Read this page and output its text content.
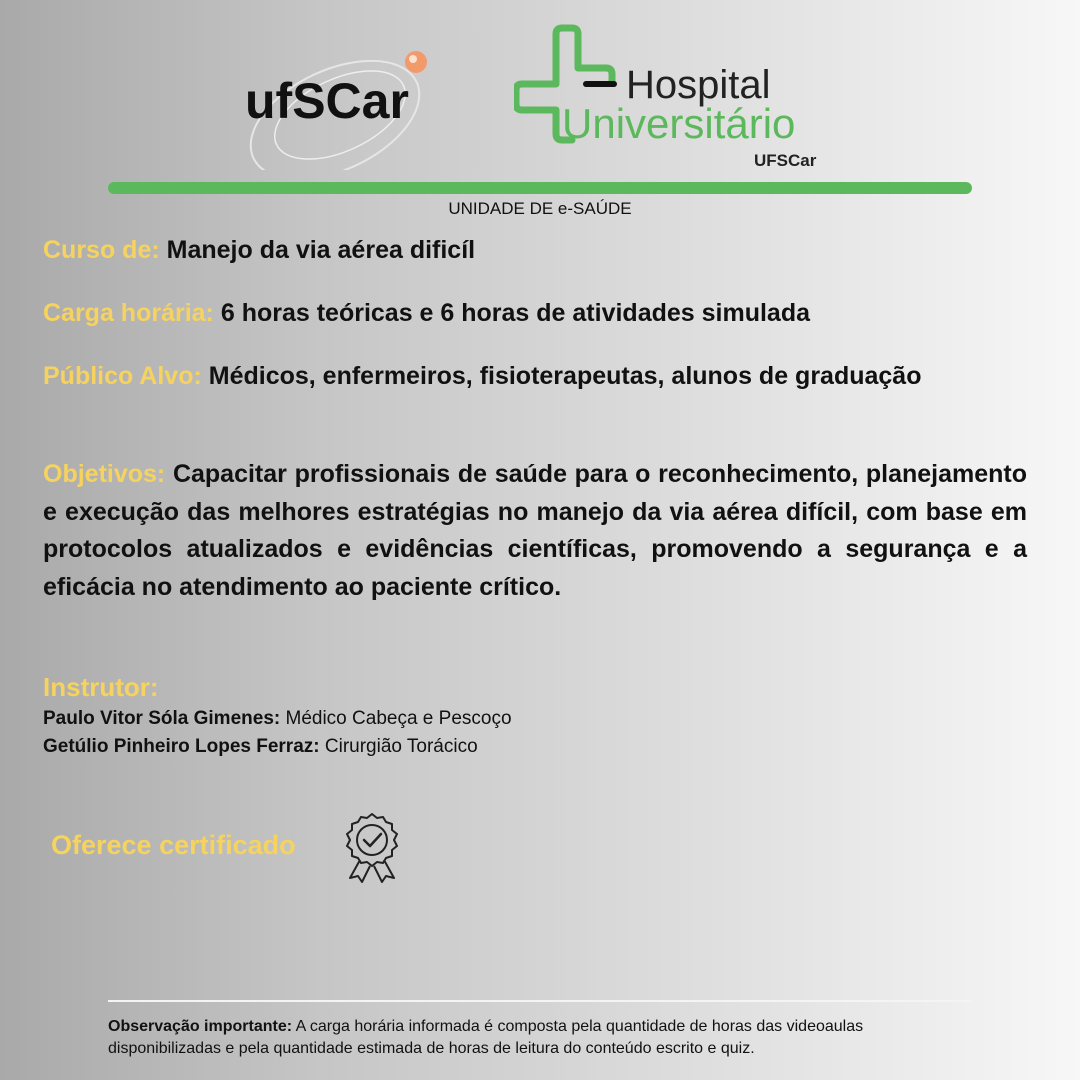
ufSCar	Hospital
Universitário
UFSCar
UNIDADE DE e-SAÚDE
Curso de: Manejo da via aérea dificíl
Carga horária: 6 horas teóricas e 6 horas de atividades simulada
Público Alvo: Médicos, enfermeiros, fisioterapeutas, alunos de graduação
Objetivos: Capacitar profissionais de saúde para o reconhecimento, planejamento e execução das melhores estratégias no manejo da via aérea difícil, com base em protocolos atualizados e evidências científicas, promovendo a segurança e a eficácia no atendimento ao paciente crítico.
Instrutor:
Paulo Vitor Sóla Gimenes: Médico Cabeça e Pescoço
Getúlio Pinheiro Lopes Ferraz: Cirurgião Torácico
Oferece certificado
Observação importante: A carga horária informada é composta pela quantidade de horas das videoaulas disponibilizadas e pela quantidade estimada de horas de leitura do conteúdo escrito e quiz.
